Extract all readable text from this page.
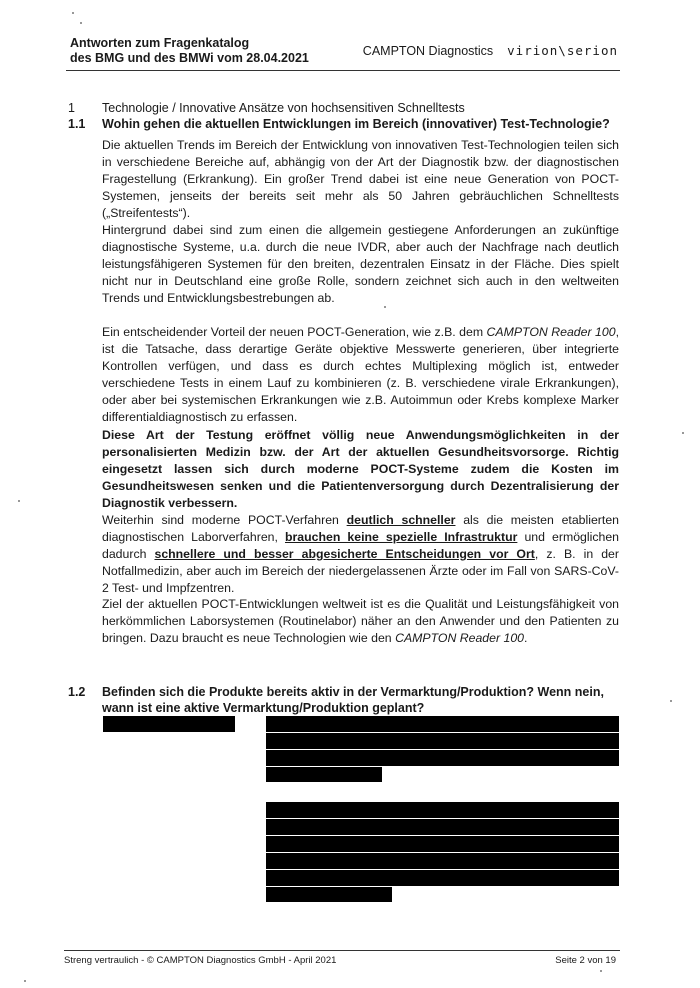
Antworten zum Fragenkatalog
des BMG und des BMWi vom 28.04.2021	CAMPTON Diagnostics virion\serion
1 Technologie / Innovative Ansätze von hochsensitiven Schnelltests
1.1 Wohin gehen die aktuellen Entwicklungen im Bereich (innovativer) Test-Technologie?
Die aktuellen Trends im Bereich der Entwicklung von innovativen Test-Technologien teilen sich in verschiedene Bereiche auf, abhängig von der Art der Diagnostik bzw. der diagnostischen Fragestellung (Erkrankung). Ein großer Trend dabei ist eine neue Generation von POCT-Systemen, jenseits der bereits seit mehr als 50 Jahren gebräuchlichen Schnelltests („Streifentests“).
Hintergrund dabei sind zum einen die allgemein gestiegene Anforderungen an zukünftige diagnostische Systeme, u.a. durch die neue IVDR, aber auch der Nachfrage nach deutlich leistungsfähigeren Systemen für den breiten, dezentralen Einsatz in der Fläche. Dies spielt nicht nur in Deutschland eine große Rolle, sondern zeichnet sich auch in den weltweiten Trends und Entwicklungsbestrebungen ab.
Ein entscheidender Vorteil der neuen POCT-Generation, wie z.B. dem CAMPTON Reader 100, ist die Tatsache, dass derartige Geräte objektive Messwerte generieren, über integrierte Kontrollen verfügen, und dass es durch echtes Multiplexing möglich ist, entweder verschiedene Tests in einem Lauf zu kombinieren (z. B. verschiedene virale Erkrankungen), oder aber bei systemischen Erkrankungen wie z.B. Autoimmun oder Krebs komplexe Marker differentialdiagnostisch zu erfassen.
Diese Art der Testung eröffnet völlig neue Anwendungsmöglichkeiten in der personalisierten Medizin bzw. der Art der aktuellen Gesundheitsvorsorge. Richtig eingesetzt lassen sich durch moderne POCT-Systeme zudem die Kosten im Gesundheitswesen senken und die Patientenversorgung durch Dezentralisierung der Diagnostik verbessern.
Weiterhin sind moderne POCT-Verfahren deutlich schneller als die meisten etablierten diagnostischen Laborverfahren, brauchen keine spezielle Infrastruktur und ermöglichen dadurch schnellere und besser abgesicherte Entscheidungen vor Ort, z. B. in der Notfallmedizin, aber auch im Bereich der niedergelassenen Ärzte oder im Fall von SARS-CoV-2 Test- und Impfzentren.
Ziel der aktuellen POCT-Entwicklungen weltweit ist es die Qualität und Leistungsfähigkeit von herkömmlichen Laborsystemen (Routinelabor) näher an den Anwender und den Patienten zu bringen. Dazu braucht es neue Technologien wie den CAMPTON Reader 100.
1.2 Befinden sich die Produkte bereits aktiv in der Vermarktung/Produktion? Wenn nein, wann ist eine aktive Vermarktung/Produktion geplant?
Streng vertraulich - © CAMPTON Diagnostics GmbH - April 2021	Seite 2 von 19
